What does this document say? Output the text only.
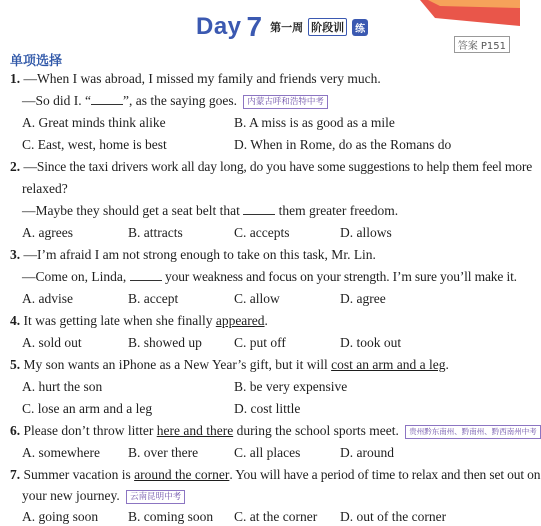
Day 7 第一周 阶段训	练
答案 P151
单项选择
1. —When I was abroad, I missed my family and friends very much.
—So did I. “ ”, as the saying goes. 内蒙古呼和浩特中考
A. Great minds think alike	B. A miss is as good as a mile
C. East, west, home is best	D. When in Rome, do as the Romans do
2. —Since the taxi drivers work all day long, do you have some suggestions to help them feel more
relaxed?
—Maybe they should get a seat belt that	them greater freedom.
A. agrees	B. attracts	C. accepts	D. allows
3. —I’m afraid I am not strong enough to take on this task, Mr. Lin.
—Come on, Linda,	your weakness and focus on your strength. I’m sure you’ll make it.
A. advise	B. accept	C. allow	D. agree
4. It was getting late when she finally appeared.
A. sold out	B. showed up C. put off	D. took out
5. My son wants an iPhone as a New Year’s gift, but it will cost an arm and a leg.
A. hurt the son	B. be very expensive
C. lose an arm and a leg	D. cost little
6. Please don’t throw litter here and there during the school sports meet. 贵州黔东南州、黔南州、黔西南州中考
A. somewhere B. over there	C. all places	D. around
7. Summer vacation is around the corner. You will have a period of time to relax and then set out on
your new journey. 云南昆明中考
A. going soon B. coming soon C. at the corner D. out of the corner
